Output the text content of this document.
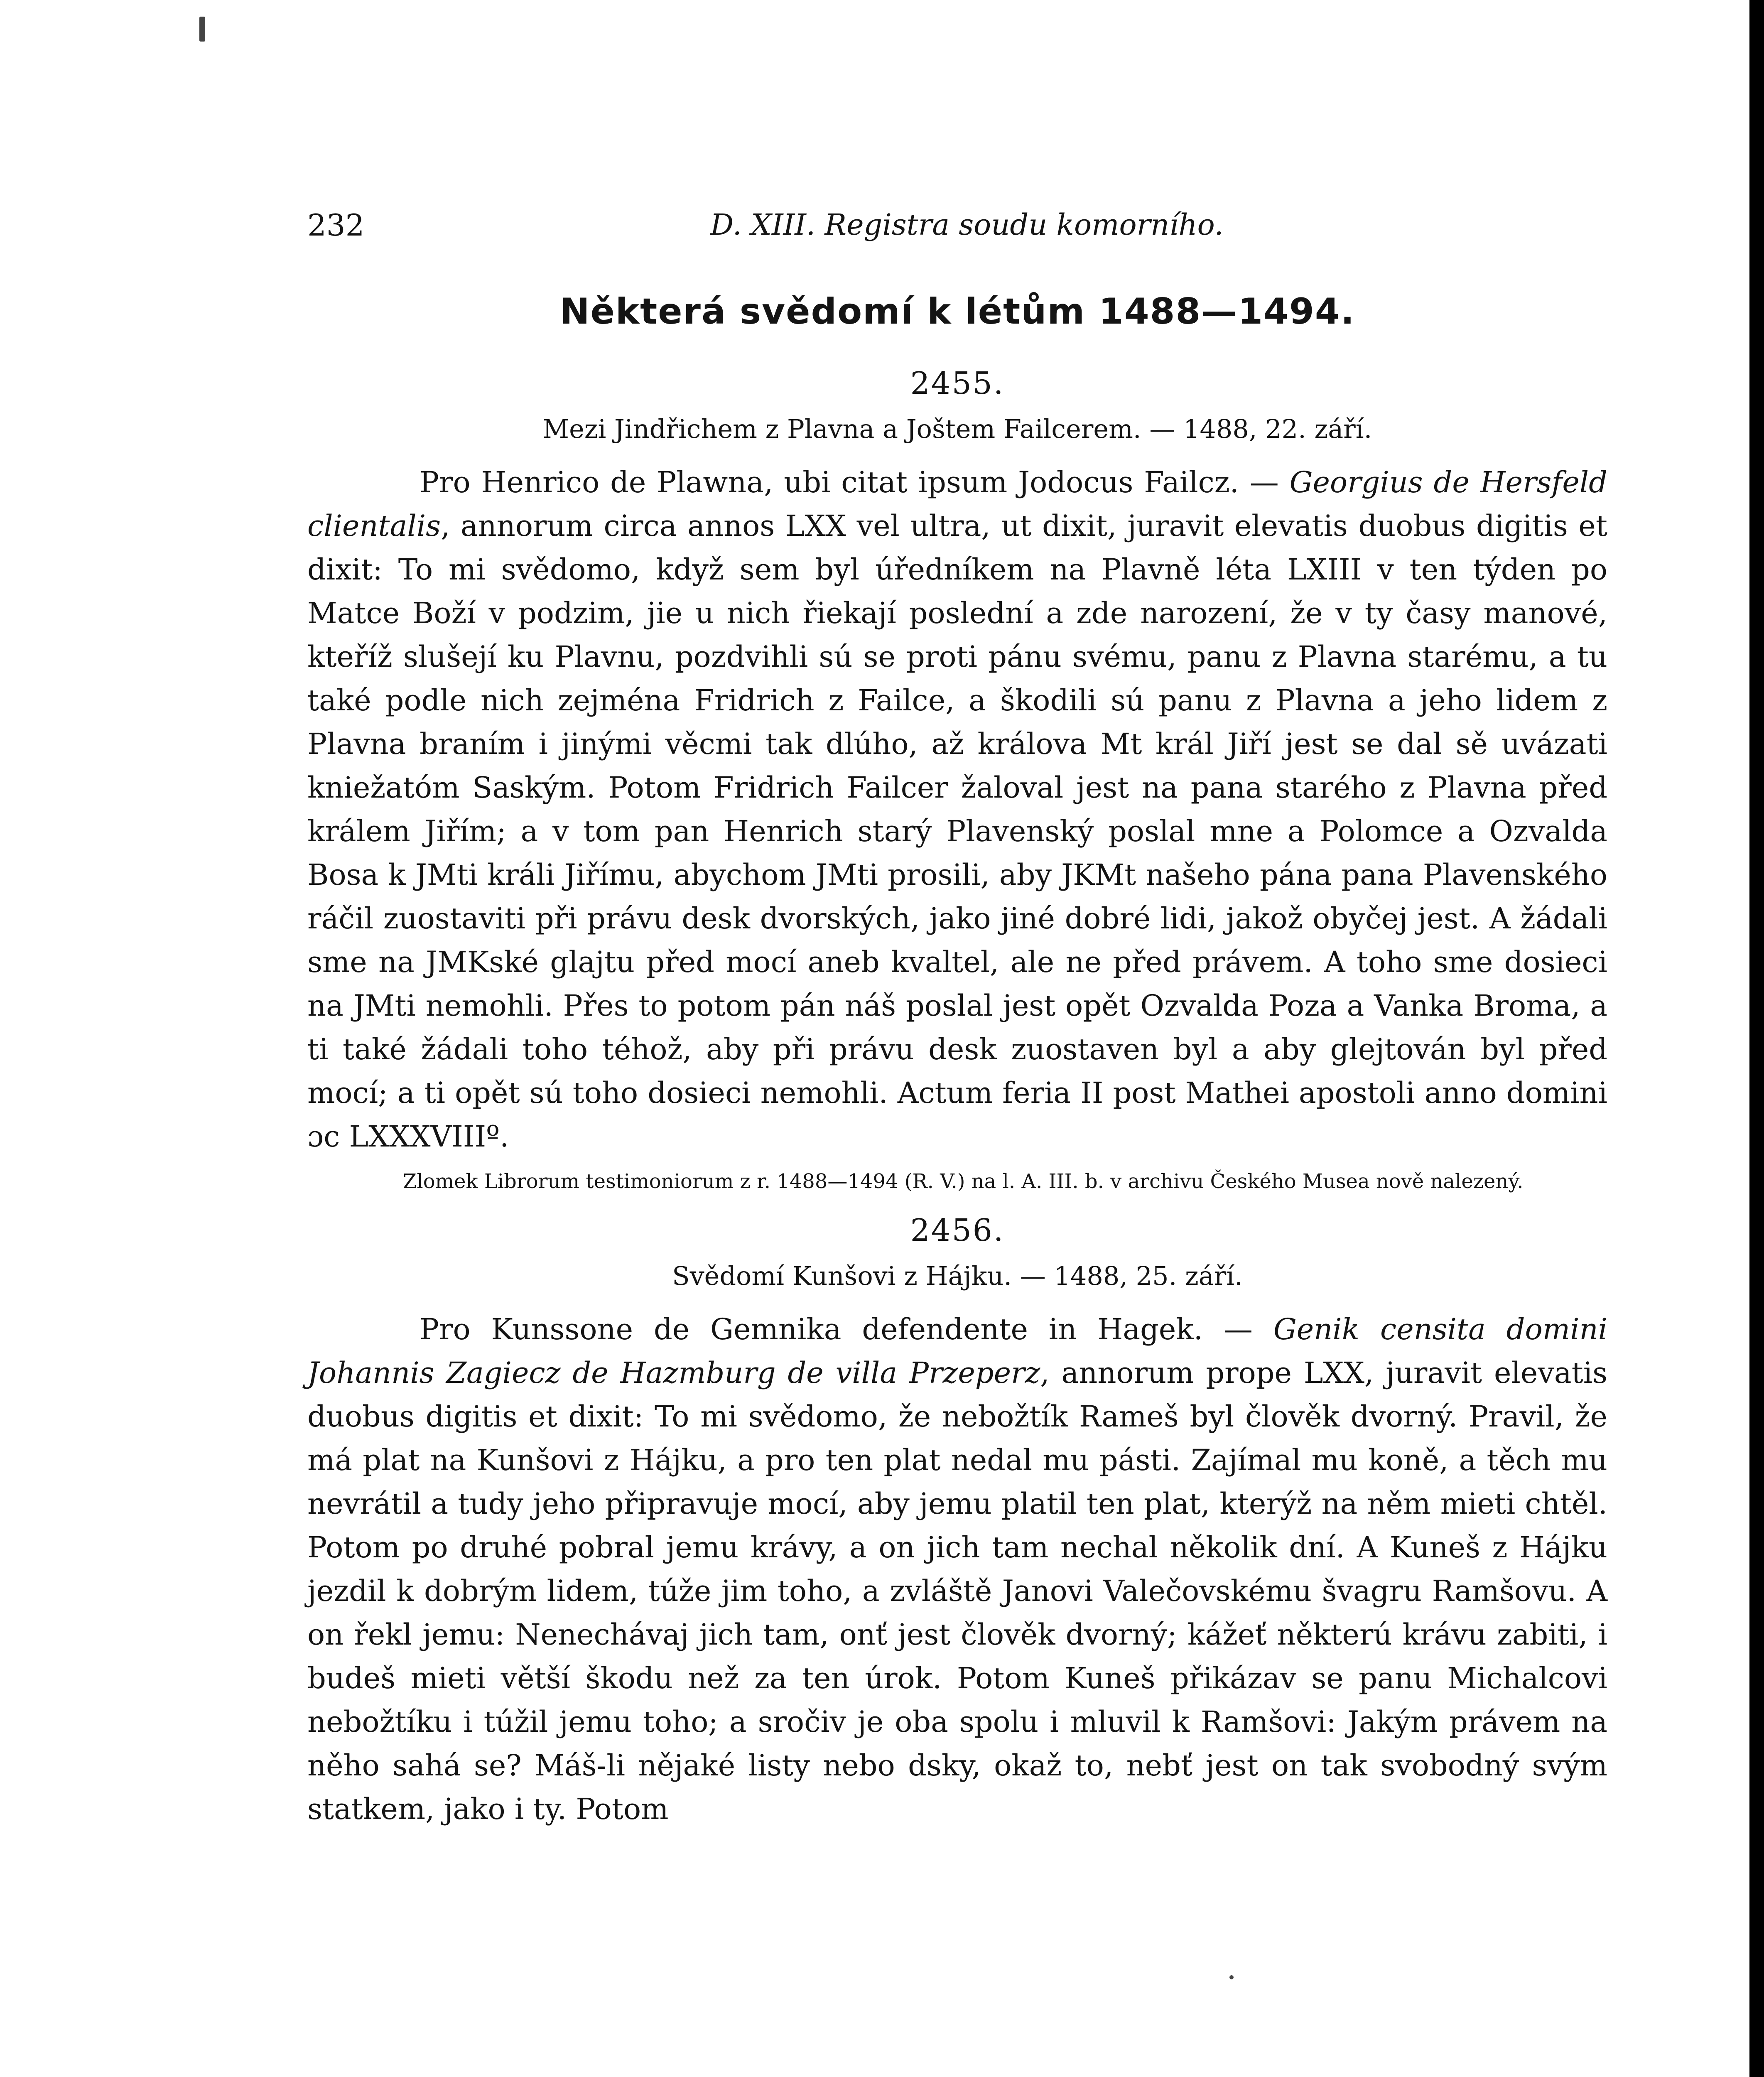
232	D. XIII. Registra soudu komorního.
Některá svědomí k létům 1488—1494.
2455.
Mezi Jindřichem z Plavna a Joštem Failcerem. — 1488, 22. září.

Pro Henrico de Plawna, ubi citat ipsum Jodocus Failcz. — Georgius de Hersfeld clientalis, annorum circa annos LXX vel ultra, ut dixit, juravit elevatis duobus digitis et dixit: To mi svědomo, když sem byl úředníkem na Plavně léta LXIII v ten týden po Matce Boží v podzim, jie u nich řiekají poslední a zde narození, že v ty časy manové, kteříž slušejí ku Plavnu, pozdvihli sú se proti pánu svému, panu z Plavna starému, a tu také podle nich zejména Fridrich z Failce, a škodili sú panu z Plavna a jeho lidem z Plavna braním i jinými věcmi tak dlúho, až králova Mt král Jiří jest se dal sě uvázati kniežatóm Saským. Potom Fridrich Failcer žaloval jest na pana starého z Plavna před králem Jiřím; a v tom pan Henrich starý Plavenský poslal mne a Polomce a Ozvalda Bosa k JMti králi Jiřímu, abychom JMti prosili, aby JKMt našeho pána pana Plavenského ráčil zuostaviti při právu desk dvorských, jako jiné dobré lidi, jakož obyčej jest. A žádali sme na JMKské glajtu před mocí aneb kvaltel, ale ne před právem. A toho sme dosieci na JMti nemohli. Přes to potom pán náš poslal jest opět Ozvalda Poza a Vanka Broma, a ti také žádali toho téhož, aby při právu desk zuostaven byl a aby glejtován byl před mocí; a ti opět sú toho dosieci nemohli. Actum feria II post Mathei apostoli anno domini ɔc LXXXVIIIº.

Zlomek Librorum testimoniorum z r. 1488—1494 (R. V.) na l. A. III. b. v archivu Českého Musea nově nalezený.

2456.
Svědomí Kunšovi z Hájku. — 1488, 25. září.

Pro Kunssone de Gemnika defendente in Hagek. — Genik censita domini Johannis Zagiecz de Hazmburg de villa Przeperz, annorum prope LXX, juravit elevatis duobus digitis et dixit: To mi svědomo, že nebožtík Rameš byl člověk dvorný. Pravil, že má plat na Kunšovi z Hájku, a pro ten plat nedal mu pásti. Zajímal mu koně, a těch mu nevrátil a tudy jeho připravuje mocí, aby jemu platil ten plat, kterýž na něm mieti chtěl. Potom po druhé pobral jemu krávy, a on jich tam nechal několik dní. A Kuneš z Hájku jezdil k dobrým lidem, túže jim toho, a zvláště Janovi Valečovskému švagru Ramšovu. A on řekl jemu: Nenechávaj jich tam, onť jest člověk dvorný; kážeť některú krávu zabiti, i budeš mieti větší škodu než za ten úrok. Potom Kuneš přikázav se panu Michalcovi nebožtíku i túžil jemu toho; a sročiv je oba spolu i mluvil k Ramšovi: Jakým právem na něho sahá se? Máš-li nějaké listy nebo dsky, okaž to, nebť jest on tak svobodný svým statkem, jako i ty. Potom
